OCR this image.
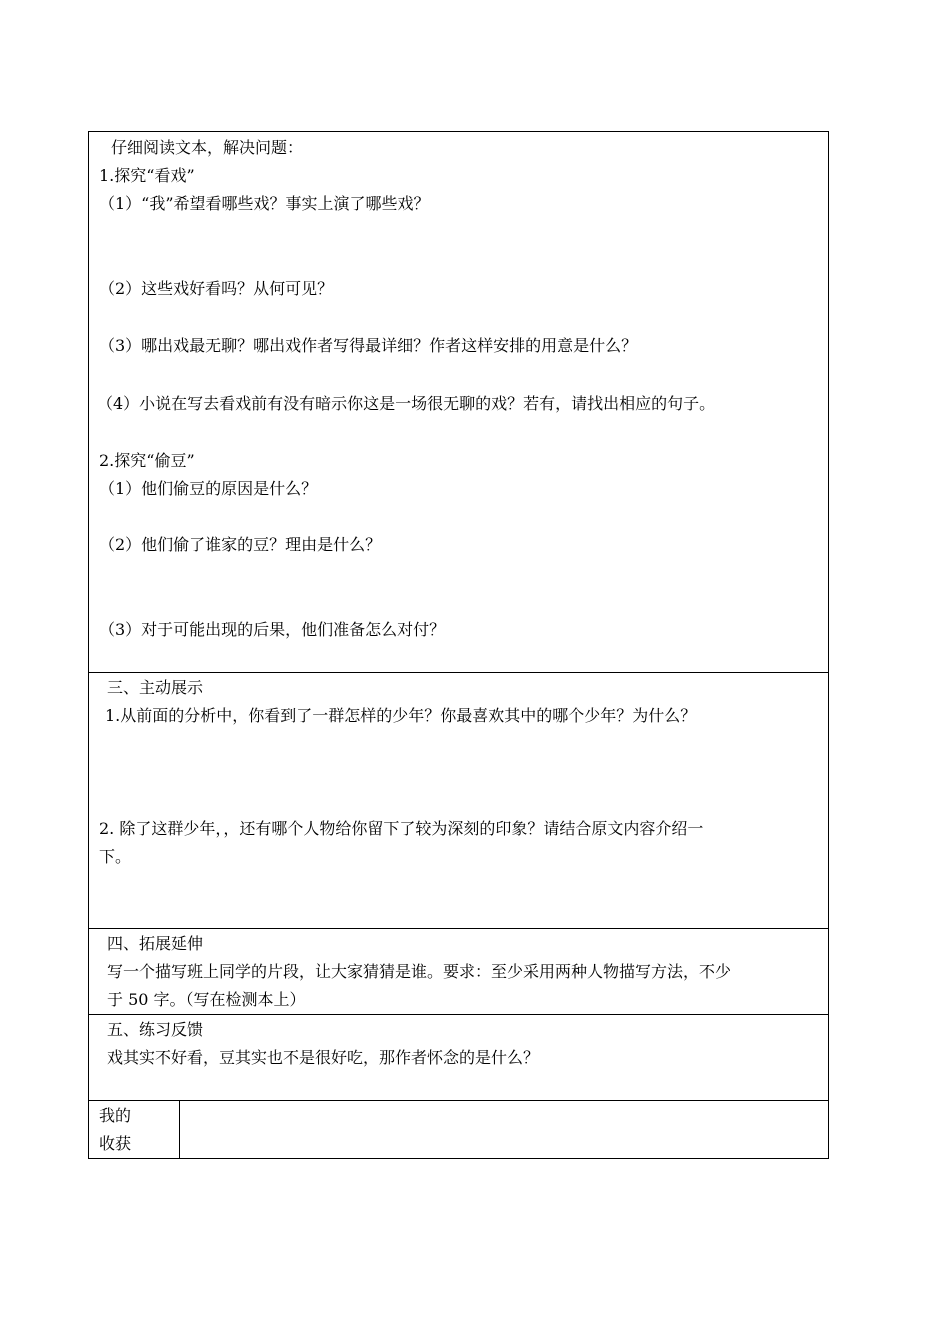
仔细阅读文本，解决问题：
1.探究“看戏”
（1）“我”希望看哪些戏？事实上演了哪些戏？
（2）这些戏好看吗？从何可见？
（3）哪出戏最无聊？哪出戏作者写得最详细？作者这样安排的用意是什么？
（4）小说在写去看戏前有没有暗示你这是一场很无聊的戏？若有，请找出相应的句子。
2.探究“偷豆”
（1）他们偷豆的原因是什么？
（2）他们偷了谁家的豆？理由是什么？
（3）对于可能出现的后果，他们准备怎么对付？
三、主动展示
1.从前面的分析中，你看到了一群怎样的少年？你最喜欢其中的哪个少年？为什么？
2. 除了这群少年，，还有哪个人物给你留下了较为深刻的印象？请结合原文内容介绍一
下。
四、拓展延伸
写一个描写班上同学的片段，让大家猜猜是谁。要求：至少采用两种人物描写方法，不少
于 50 字。（写在检测本上）
五、练习反馈
戏其实不好看，豆其实也不是很好吃，那作者怀念的是什么？
我的
收获
